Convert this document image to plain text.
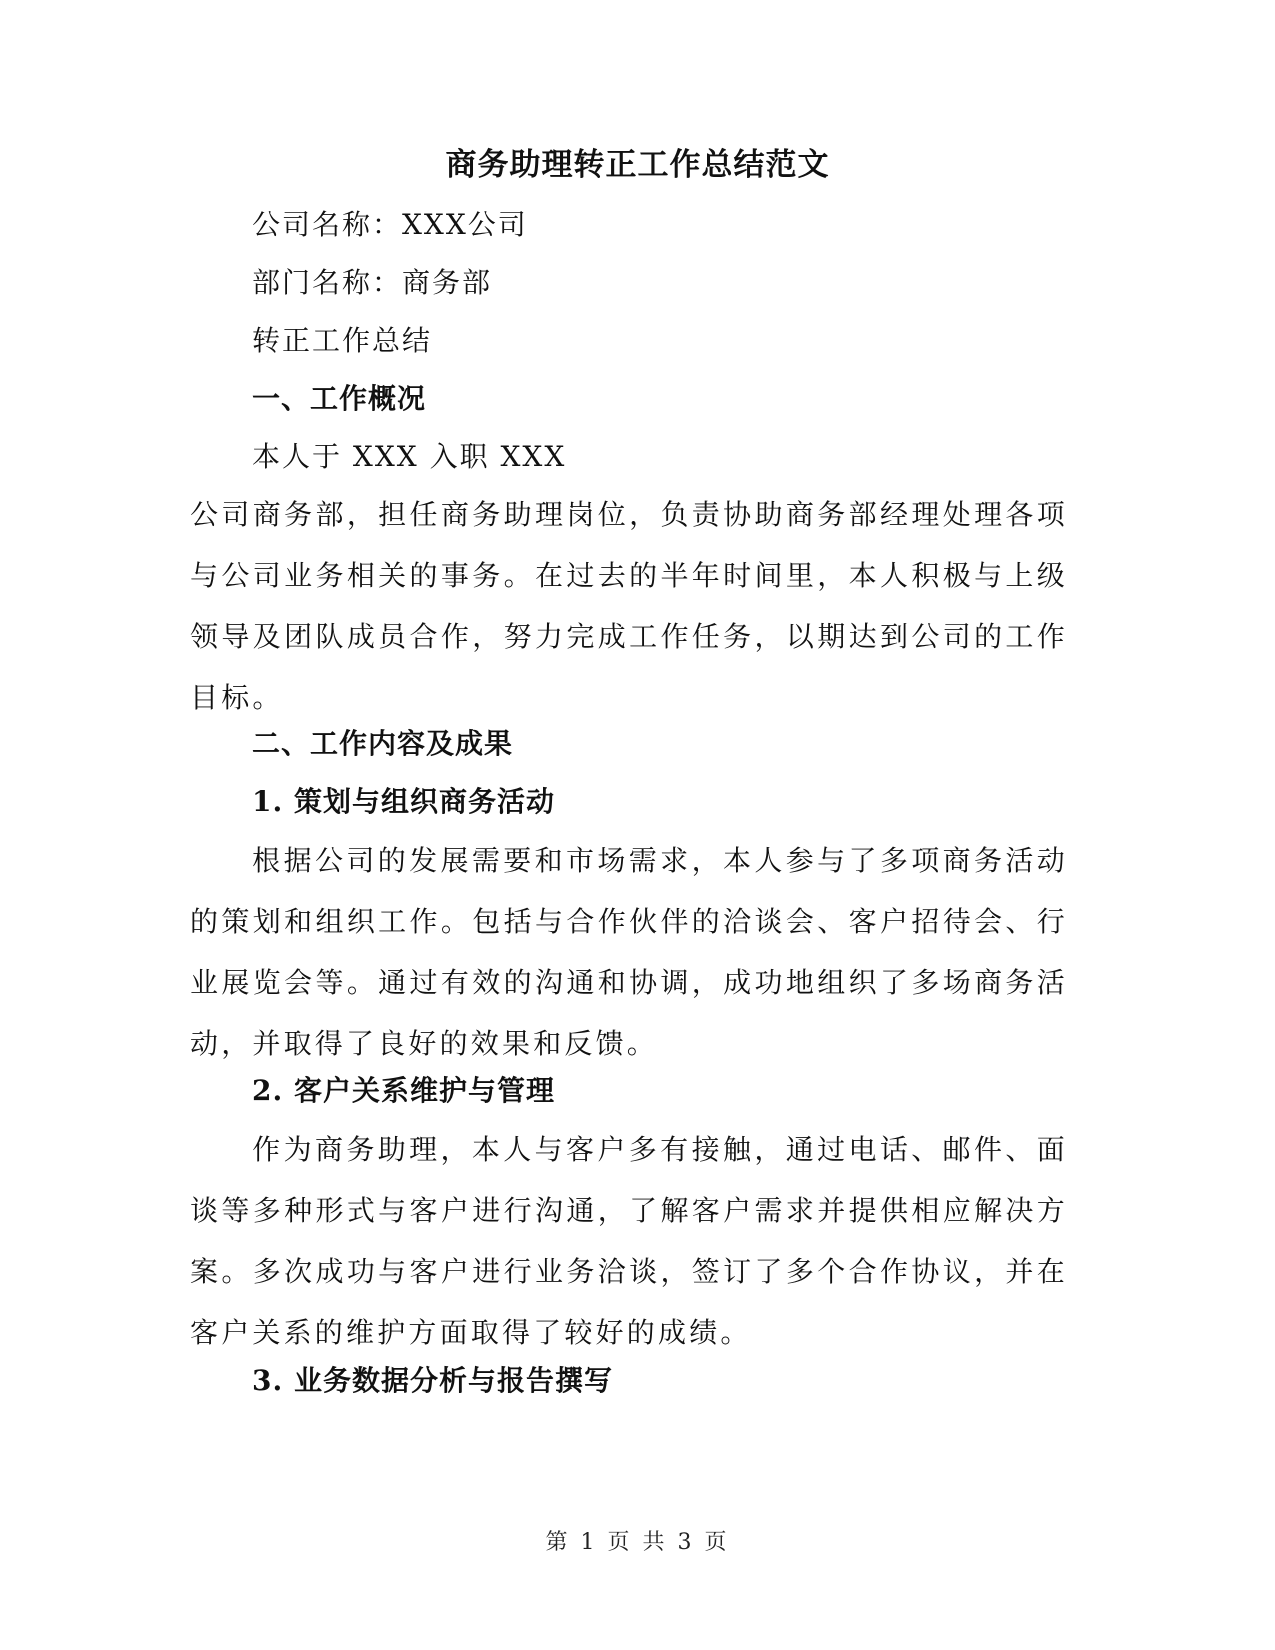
商务助理转正工作总结范文
公司名称：XXX公司
部门名称：商务部
转正工作总结
一、工作概况
本人于 XXX 入职 XXX
公司商务部，担任商务助理岗位，负责协助商务部经理处理各项与公司业务相关的事务。在过去的半年时间里，本人积极与上级领导及团队成员合作，努力完成工作任务，以期达到公司的工作目标。
二、工作内容及成果
1. 策划与组织商务活动
根据公司的发展需要和市场需求，本人参与了多项商务活动的策划和组织工作。包括与合作伙伴的洽谈会、客户招待会、行业展览会等。通过有效的沟通和协调，成功地组织了多场商务活动，并取得了良好的效果和反馈。
2. 客户关系维护与管理
作为商务助理，本人与客户多有接触，通过电话、邮件、面谈等多种形式与客户进行沟通，了解客户需求并提供相应解决方案。多次成功与客户进行业务洽谈，签订了多个合作协议，并在客户关系的维护方面取得了较好的成绩。
3. 业务数据分析与报告撰写
第 1 页 共 3 页
